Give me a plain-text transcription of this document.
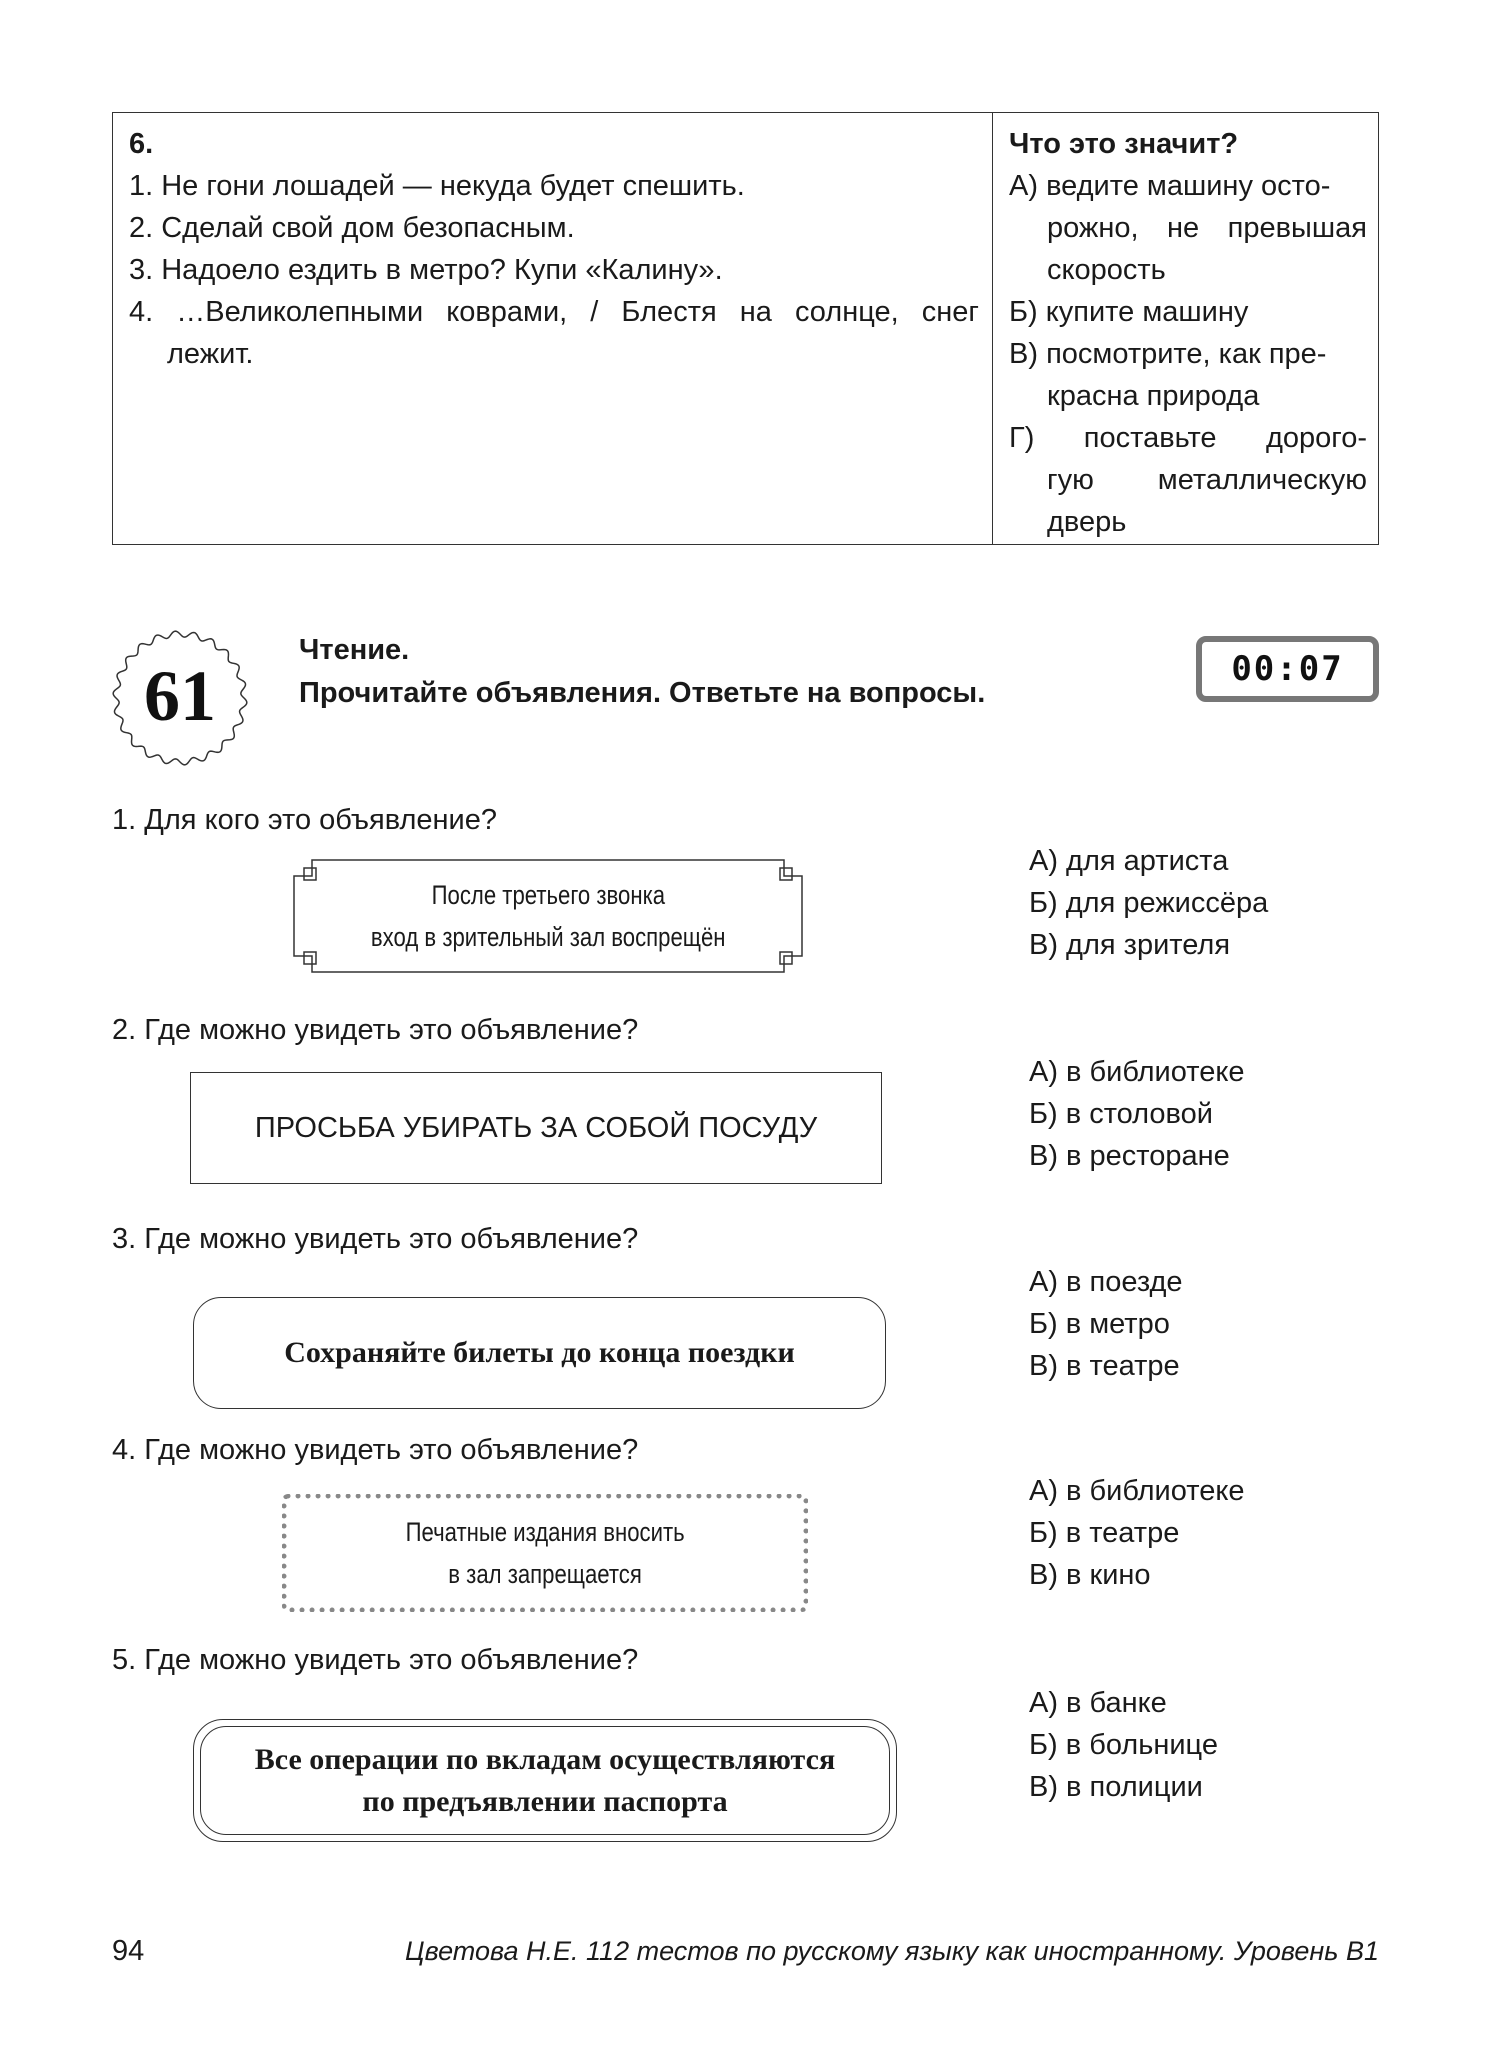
6.
1. Не гони лошадей — некуда будет спешить.
2. Сделай свой дом безопасным.
3. Надоело ездить в метро? Купи «Калину».
4. …Великолепными коврами, / Блестя на солнце, снег
лежит.
Что это значит?
А) ведите машину осто-
рожно, не превышая
скорость
Б) купите машину
В) посмотрите, как пре-
красна природа
Г) поставьте дорого-
гую металлическую
дверь
61
Чтение.
Прочитайте объявления. Ответьте на вопросы.
00:07
1. Для кого это объявление?
После третьего звонка
вход в зрительный зал воспрещён
А) для артиста
Б) для режиссёра
В) для зрителя
2. Где можно увидеть это объявление?
ПРОСЬБА УБИРАТЬ ЗА СОБОЙ ПОСУДУ
А) в библиотеке
Б) в столовой
В) в ресторане
3. Где можно увидеть это объявление?
Сохраняйте билеты до конца поездки
А) в поезде
Б) в метро
В) в театре
4. Где можно увидеть это объявление?
Печатные издания вносить
в зал запрещается
А) в библиотеке
Б) в театре
В) в кино
5. Где можно увидеть это объявление?
Все операции по вкладам осуществляются
по предъявлении паспорта
А) в банке
Б) в больнице
В) в полиции
94	Цветова Н.Е. 112 тестов по русскому языку как иностранному. Уровень В1
